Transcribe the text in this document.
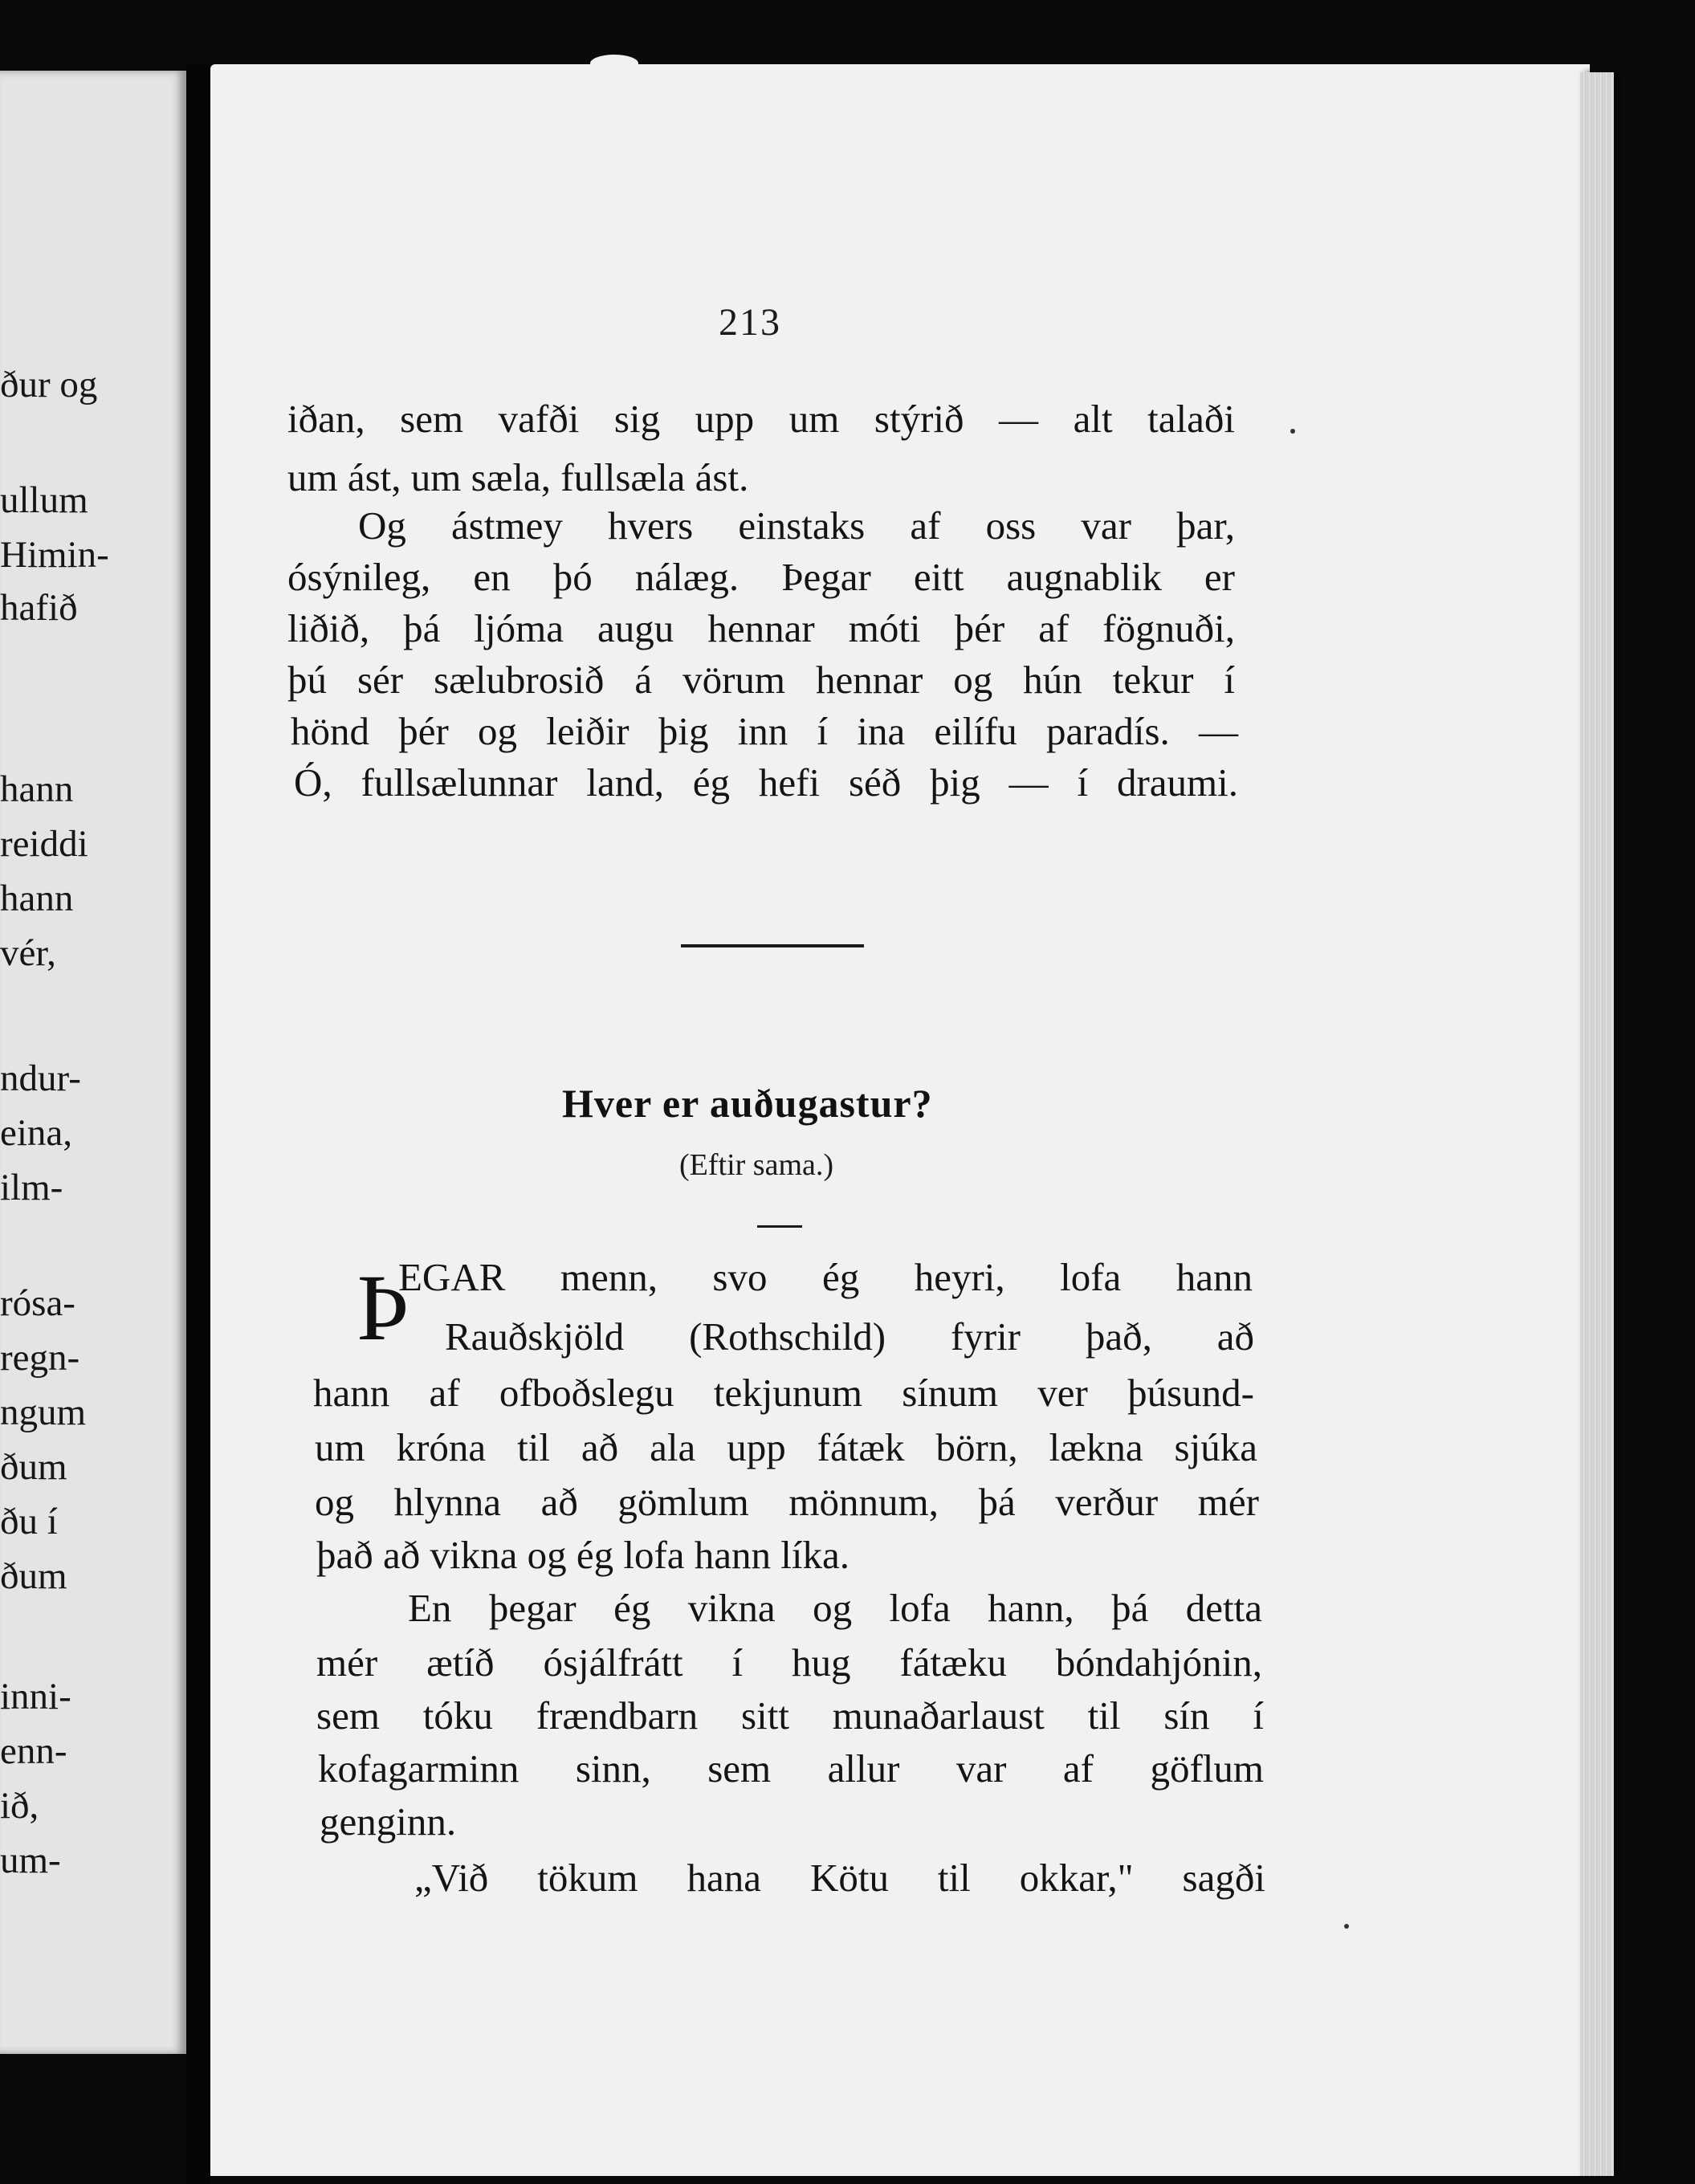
ður og
ullum
Himin-
hafið
hann
reiddi
hann
vér,
ndur-
eina,
ilm-
rósa-
regn-
ngum
ðum
ðu í
ðum
inni-
enn-
ið,
um-
213
iðan, sem vafði sig upp um stýrið — alt talaði
um ást, um sæla, fullsæla ást.
Og ástmey hvers einstaks af oss var þar,
ósýnileg, en þó nálæg. Þegar eitt augnablik er
liðið, þá ljóma augu hennar móti þér af fögnuði,
þú sér sælubrosið á vörum hennar og hún tekur í
hönd þér og leiðir þig inn í ina eilífu paradís. —
Ó, fullsælunnar land, ég hefi séð þig — í draumi.
Hver er auðugastur?
(Eftir sama.)
Þ
EGAR menn, svo ég heyri, lofa hann
Rauðskjöld (Rothschild) fyrir það, að
hann af ofboðslegu tekjunum sínum ver þúsund-
um króna til að ala upp fátæk börn, lækna sjúka
og hlynna að gömlum mönnum, þá verður mér
það að vikna og ég lofa hann líka.
En þegar ég vikna og lofa hann, þá detta
mér ætíð ósjálfrátt í hug fátæku bóndahjónin,
sem tóku frændbarn sitt munaðarlaust til sín í
kofagarminn sinn, sem allur var af göflum
genginn.
„Við tökum hana Kötu til okkar," sagði
